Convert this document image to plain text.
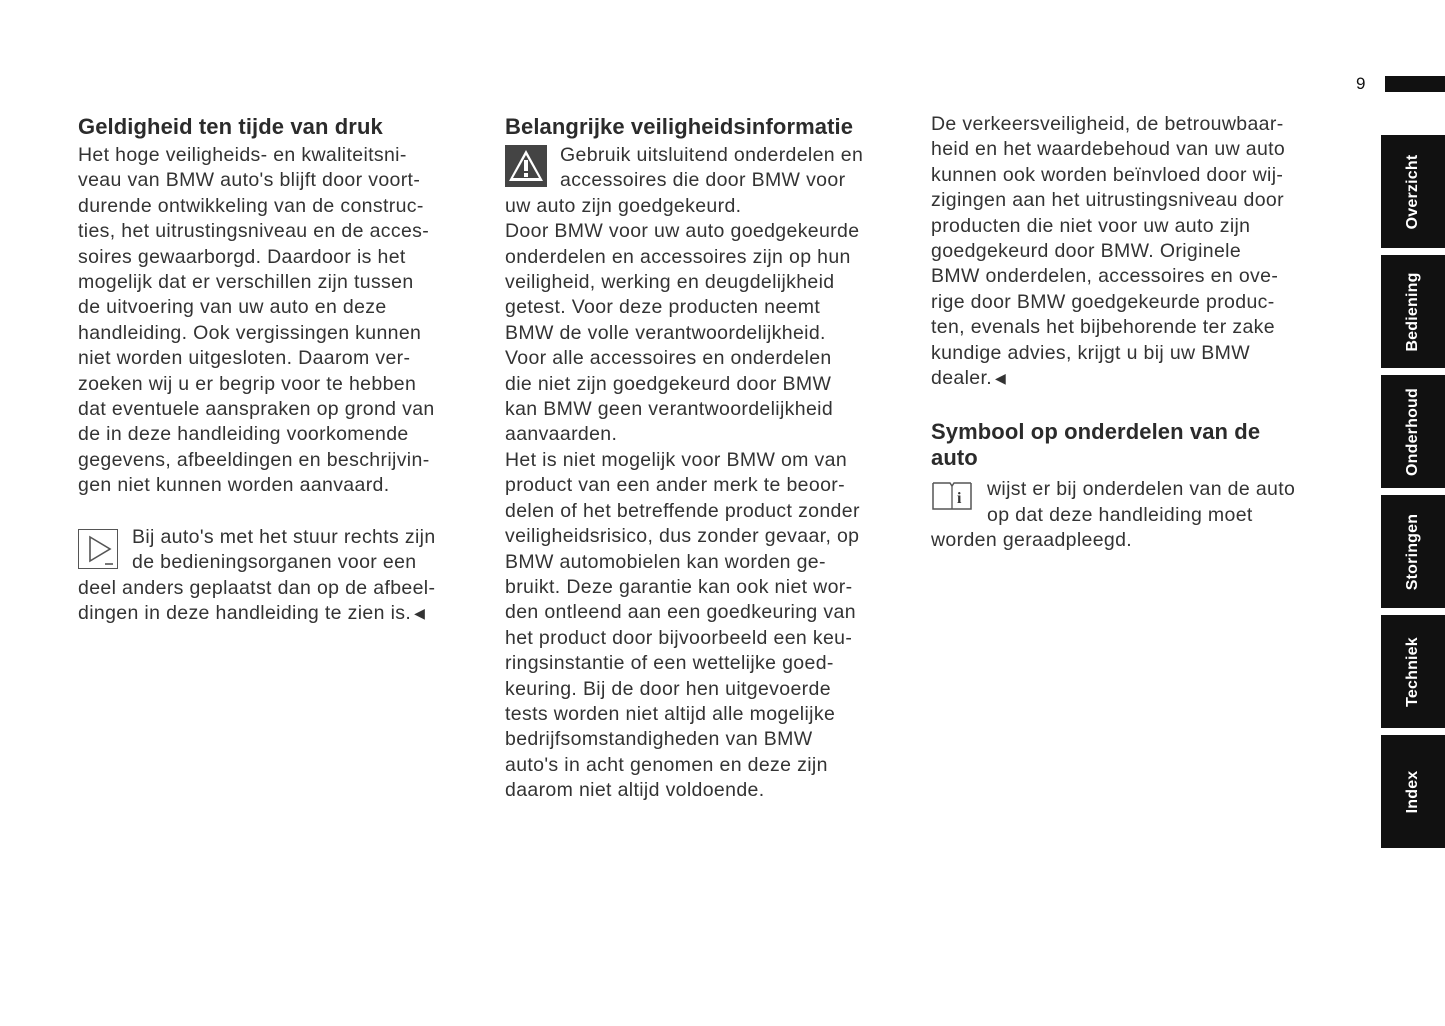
9
Geldigheid ten tijde van druk

Het hoge veiligheids- en kwaliteitsni-
veau van BMW auto's blijft door voort-
durende ontwikkeling van de construc-
ties, het uitrustingsniveau en de acces-
soires gewaarborgd. Daardoor is het
mogelijk dat er verschillen zijn tussen
de uitvoering van uw auto en deze
handleiding. Ook vergissingen kunnen
niet worden uitgesloten. Daarom ver-
zoeken wij u er begrip voor te hebben
dat eventuele aanspraken op grond van
de in deze handleiding voorkomende
gegevens, afbeeldingen en beschrijvin-
gen niet kunnen worden aanvaard.

Bij auto's met het stuur rechts zijn
de bedieningsorganen voor een

deel anders geplaatst dan op de afbeel-
dingen in deze handleiding te zien is. ◀

Belangrijke veiligheidsinformatie

Gebruik uitsluitend onderdelen en
accessoires die door BMW voor

uw auto zijn goedgekeurd.
Door BMW voor uw auto goedgekeurde
onderdelen en accessoires zijn op hun
veiligheid, werking en deugdelijkheid
getest. Voor deze producten neemt
BMW de volle verantwoordelijkheid.
Voor alle accessoires en onderdelen
die niet zijn goedgekeurd door BMW
kan BMW geen verantwoordelijkheid
aanvaarden.
Het is niet mogelijk voor BMW om van
product van een ander merk te beoor-
delen of het betreffende product zonder
veiligheidsrisico, dus zonder gevaar, op
BMW automobielen kan worden ge-
bruikt. Deze garantie kan ook niet wor-
den ontleend aan een goedkeuring van
het product door bijvoorbeeld een keu-
ringsinstantie of een wettelijke goed-
keuring. Bij de door hen uitgevoerde
tests worden niet altijd alle mogelijke
bedrijfsomstandigheden van BMW
auto's in acht genomen en deze zijn
daarom niet altijd voldoende.

De verkeersveiligheid, de betrouwbaar-
heid en het waardebehoud van uw auto
kunnen ook worden beïnvloed door wij-
zigingen aan het uitrustingsniveau door
producten die niet voor uw auto zijn
goedgekeurd door BMW. Originele
BMW onderdelen, accessoires en ove-
rige door BMW goedgekeurde produc-
ten, evenals het bijbehorende ter zake
kundige advies, krijgt u bij uw BMW
dealer. ◀

Symbool op onderdelen van de
auto
i	wijst er bij onderdelen van de auto
op dat deze handleiding moet

worden geraadpleegd.

Overzicht
Bediening
Onderhoud
Storingen
Techniek
Index
